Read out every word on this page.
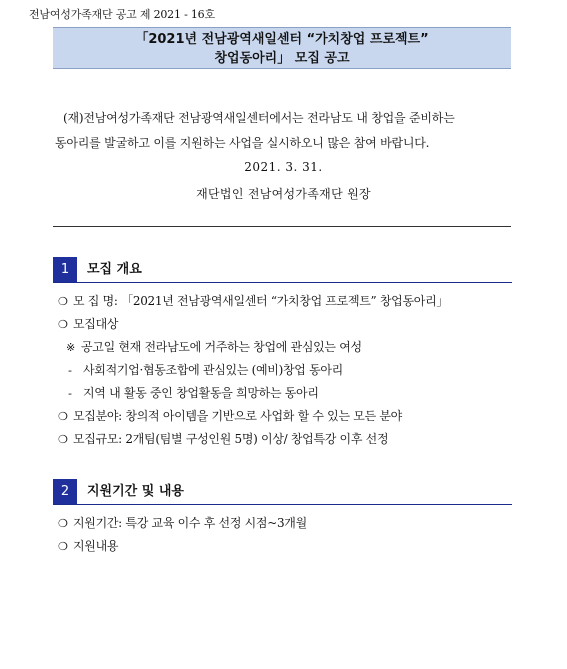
전남여성가족재단 공고 제 2021 - 16호
「2021년 전남광역새일센터 “가치창업 프로젝트”
창업동아리」 모집 공고
(재)전남여성가족재단 전남광역새일센터에서는 전라남도 내 창업을 준비하는
동아리를 발굴하고 이를 지원하는 사업을 실시하오니 많은 참여 바랍니다.
2021. 3. 31.
재단법인 전남여성가족재단 원장
1	모집 개요
❍ 모 집 명: 「2021년 전남광역새일센터 “가치창업 프로젝트” 창업동아리」
❍ 모집대상
※ 공고일 현재 전라남도에 거주하는 창업에 관심있는 여성
- 사회적기업·협동조합에 관심있는 (예비)창업 동아리
- 지역 내 활동 중인 창업활동을 희망하는 동아리
❍ 모집분야: 창의적 아이템을 기반으로 사업화 할 수 있는 모든 분야
❍ 모집규모: 2개팀(팀별 구성인원 5명) 이상/ 창업특강 이후 선정
2	지원기간 및 내용
❍ 지원기간: 특강 교육 이수 후 선정 시점~3개월
❍ 지원내용
